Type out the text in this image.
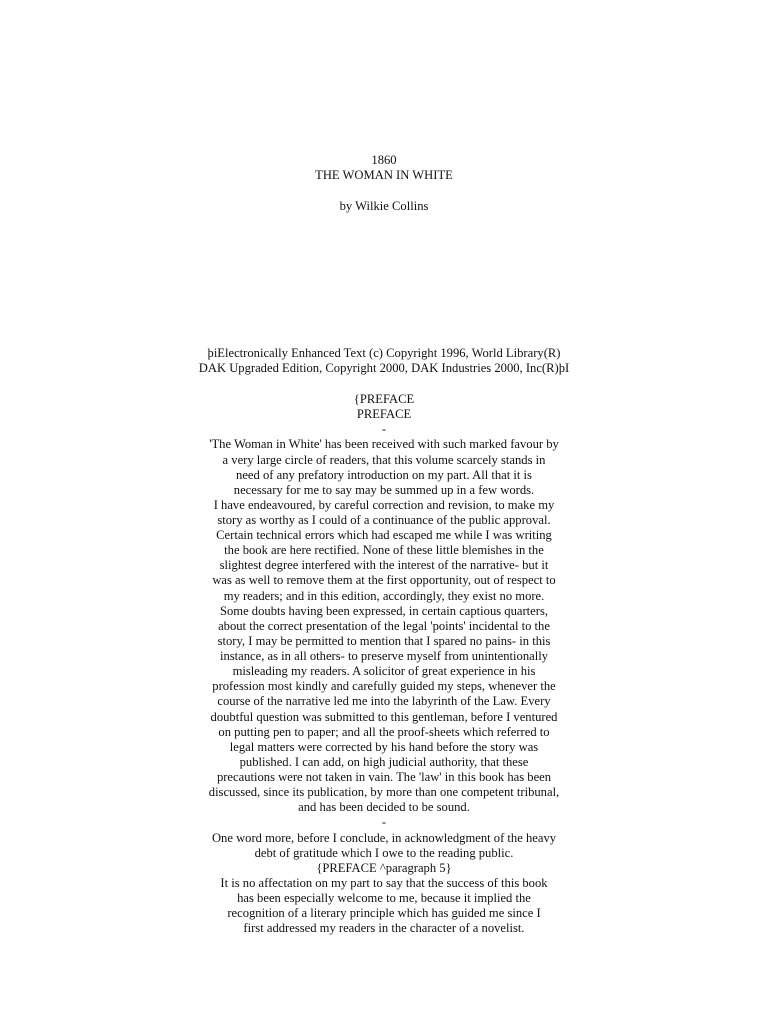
1860
THE WOMAN IN WHITE
by Wilkie Collins
þiElectronically Enhanced Text (c) Copyright 1996, World Library(R)
DAK Upgraded Edition, Copyright 2000, DAK Industries 2000, Inc(R)þI
{PREFACE
PREFACE
-
'The Woman in White' has been received with such marked favour by
a very large circle of readers, that this volume scarcely stands in
need of any prefatory introduction on my part. All that it is
necessary for me to say may be summed up in a few words.
I have endeavoured, by careful correction and revision, to make my
story as worthy as I could of a continuance of the public approval.
Certain technical errors which had escaped me while I was writing
the book are here rectified. None of these little blemishes in the
slightest degree interfered with the interest of the narrative- but it
was as well to remove them at the first opportunity, out of respect to
my readers; and in this edition, accordingly, they exist no more.
Some doubts having been expressed, in certain captious quarters,
about the correct presentation of the legal 'points' incidental to the
story, I may be permitted to mention that I spared no pains- in this
instance, as in all others- to preserve myself from unintentionally
misleading my readers. A solicitor of great experience in his
profession most kindly and carefully guided my steps, whenever the
course of the narrative led me into the labyrinth of the Law. Every
doubtful question was submitted to this gentleman, before I ventured
on putting pen to paper; and all the proof-sheets which referred to
legal matters were corrected by his hand before the story was
published. I can add, on high judicial authority, that these
precautions were not taken in vain. The 'law' in this book has been
discussed, since its publication, by more than one competent tribunal,
and has been decided to be sound.
-
One word more, before I conclude, in acknowledgment of the heavy
debt of gratitude which I owe to the reading public.
{PREFACE ^paragraph 5}
It is no affectation on my part to say that the success of this book
has been especially welcome to me, because it implied the
recognition of a literary principle which has guided me since I
first addressed my readers in the character of a novelist.
